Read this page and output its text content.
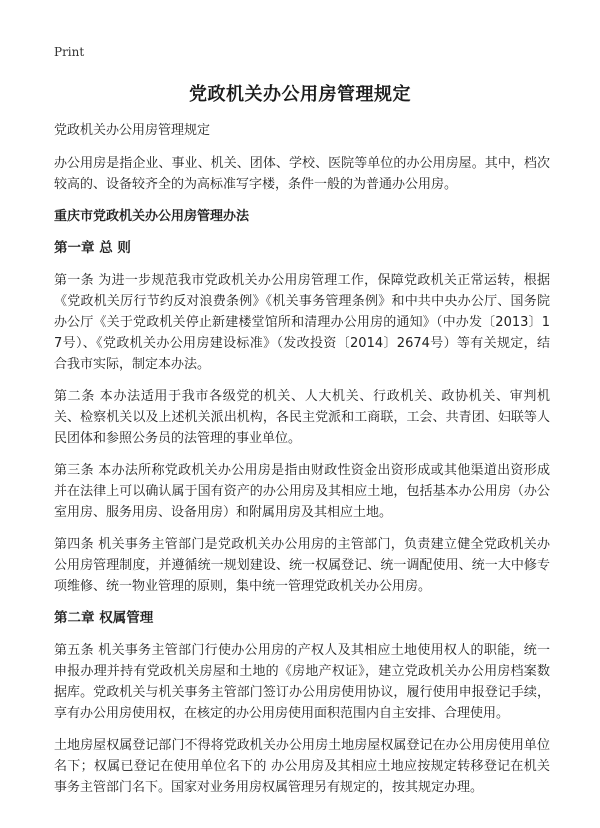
Print
党政机关办公用房管理规定

党政机关办公用房管理规定

办公用房是指企业、事业、机关、团体、学校、医院等单位的办公用房屋。其中，档次较高的、设备较齐全的为高标准写字楼，条件一般的为普通办公用房。

重庆市党政机关办公用房管理办法

第一章 总 则

第一条 为进一步规范我市党政机关办公用房管理工作，保障党政机关正常运转，根据《党政机关厉行节约反对浪费条例》《机关事务管理条例》和中共中央办公厅、国务院办公厅《关于党政机关停止新建楼堂馆所和清理办公用房的通知》（中办发〔2013〕17号）、《党政机关办公用房建设标准》（发改投资〔2014〕2674号）等有关规定，结合我市实际，制定本办法。

第二条 本办法适用于我市各级党的机关、人大机关、行政机关、政协机关、审判机关、检察机关以及上述机关派出机构，各民主党派和工商联，工会、共青团、妇联等人民团体和参照公务员的法管理的事业单位。

第三条 本办法所称党政机关办公用房是指由财政性资金出资形成或其他渠道出资形成并在法律上可以确认属于国有资产的办公用房及其相应土地，包括基本办公用房（办公室用房、服务用房、设备用房）和附属用房及其相应土地。

第四条 机关事务主管部门是党政机关办公用房的主管部门，负责建立健全党政机关办公用房管理制度，并遵循统一规划建设、统一权属登记、统一调配使用、统一大中修专项维修、统一物业管理的原则，集中统一管理党政机关办公用房。

第二章 权属管理

第五条 机关事务主管部门行使办公用房的产权人及其相应土地使用权人的职能，统一申报办理并持有党政机关房屋和土地的《房地产权证》，建立党政机关办公用房档案数据库。党政机关与机关事务主管部门签订办公用房使用协议，履行使用申报登记手续，享有办公用房使用权，在核定的办公用房使用面积范围内自主安排、合理使用。

土地房屋权属登记部门不得将党政机关办公用房土地房屋权属登记在办公用房使用单位名下；权属已登记在使用单位名下的 办公用房及其相应土地应按规定转移登记在机关事务主管部门名下。国家对业务用房权属管理另有规定的，按其规定办理。
